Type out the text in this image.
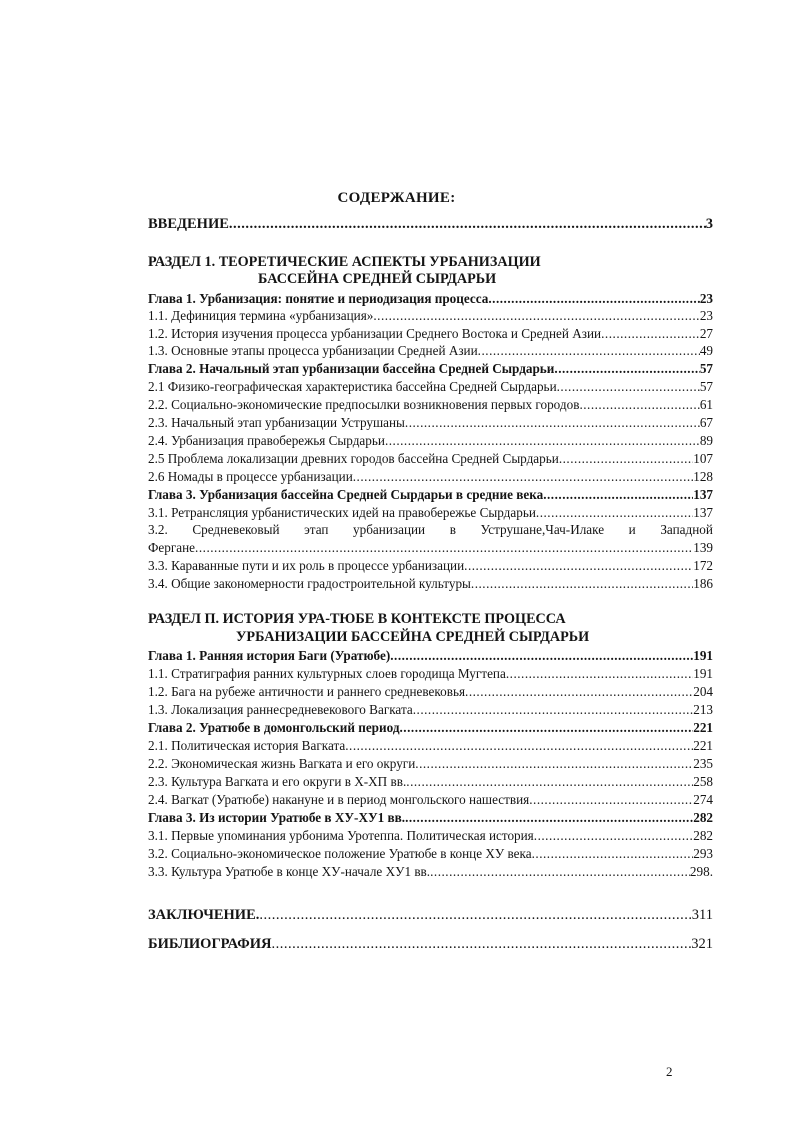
СОДЕРЖАНИЕ:
ВВЕДЕНИЕ .....	3
РАЗДЕЛ 1. ТЕОРЕТИЧЕСКИЕ АСПЕКТЫ УРБАНИЗАЦИИ
БАССЕЙНА СРЕДНЕЙ СЫРДАРЬИ
Глава 1. Урбанизация: понятие и периодизация процесса .....	23
1.1. Дефиниция термина «урбанизация» .....	23
1.2. История изучения процесса урбанизации Среднего Востока и Средней Азии .....	27
1.3. Основные этапы процесса урбанизации Средней Азии .....	49
Глава 2. Начальный этап урбанизации бассейна Средней Сырдарьи .....	57
2.1 Физико-географическая характеристика бассейна Средней Сырдарьи .....	57
2.2. Социально-экономические предпосылки возникновения первых городов .....	61
2.3. Начальный этап урбанизации Уструшаны .....	67
2.4. Урбанизация правобережья Сырдарьи .....	89
2.5 Проблема локализации древних городов бассейна Средней Сырдарьи .....	107
2.6 Номады в процессе урбанизации .....	128
Глава 3. Урбанизация бассейна Средней Сырдарьи в средние века .....	137
3.1. Ретрансляция урбанистических идей на правобережье Сырдарьи .....	137
3.2. Средневековый этап урбанизации в Уструшане,Чач-Илаке и Западной
Фергане .....	139
3.3. Караванные пути и их роль в процессе урбанизации .....	172
3.4. Общие закономерности градостроительной культуры .....	186
РАЗДЕЛ П. ИСТОРИЯ УРА-ТЮБЕ В КОНТЕКСТЕ ПРОЦЕССА
УРБАНИЗАЦИИ БАССЕЙНА СРЕДНЕЙ СЫРДАРЬИ
Глава 1. Ранняя история Баги (Уратюбе) .....	191
1.1. Стратиграфия ранних культурных слоев городища Мугтепа .....	191
1.2. Бага на рубеже античности и раннего средневековья .....	204
1.3. Локализация раннесредневекового Вагката .....	213
Глава 2. Уратюбе в домонгольский период .....	221
2.1. Политическая история Вагката .....	221
2.2. Экономическая жизнь Вагката и его округи .....	235
2.3. Культура Вагката и его округи в Х-ХП вв. .....	258
2.4. Вагкат (Уратюбе) накануне и в период монгольского нашествия .....	274
Глава 3. Из истории Уратюбе в ХУ-ХУ1 вв. .....	282
3.1. Первые упоминания урбонима Уротеппа. Политическая история .....	282
3.2. Социально-экономическое положение Уратюбе в конце ХУ века .....	293
3.3. Культура Уратюбе в конце ХУ-начале ХУ1 вв. .....	298.
ЗАКЛЮЧЕНИЕ. .....	311
БИБЛИОГРАФИЯ .....	321
2
